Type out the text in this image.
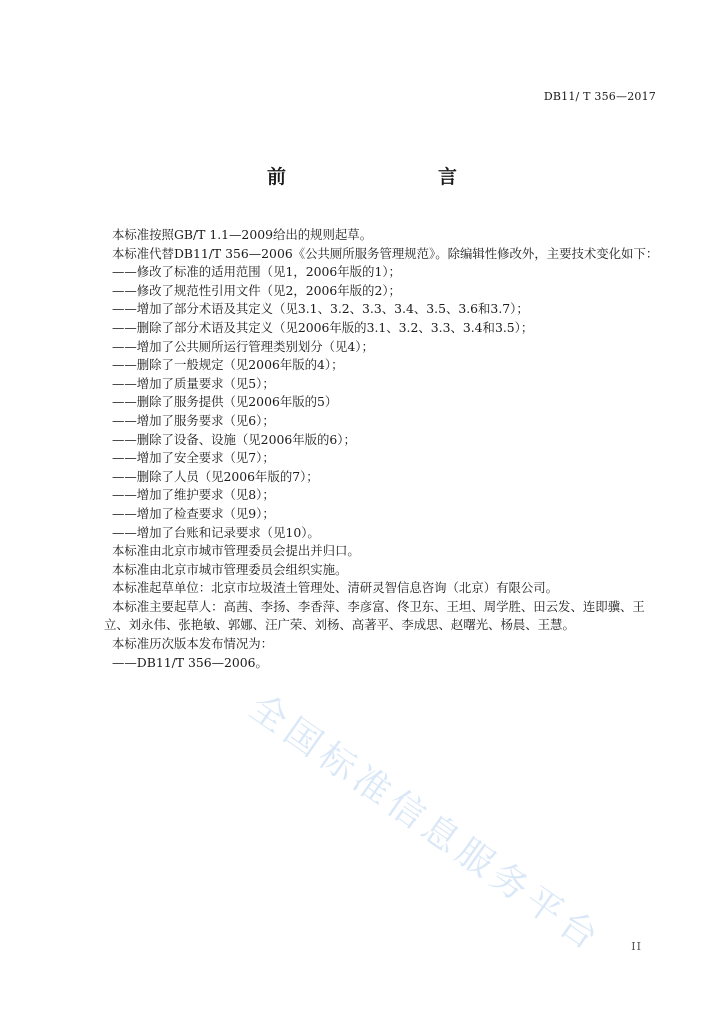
DB11/ T 356—2017
前　　言
本标准按照GB/T 1.1—2009给出的规则起草。
本标准代替DB11/T 356—2006《公共厕所服务管理规范》。除编辑性修改外，主要技术变化如下：
——修改了标准的适用范围（见1，2006年版的1）；
——修改了规范性引用文件（见2，2006年版的2）；
——增加了部分术语及其定义（见3.1、3.2、3.3、3.4、3.5、3.6和3.7）；
——删除了部分术语及其定义（见2006年版的3.1、3.2、3.3、3.4和3.5）；
——增加了公共厕所运行管理类别划分（见4）；
——删除了一般规定（见2006年版的4）；
——增加了质量要求（见5）；
——删除了服务提供（见2006年版的5）
——增加了服务要求（见6）；
——删除了设备、设施（见2006年版的6）；
——增加了安全要求（见7）；
——删除了人员（见2006年版的7）；
——增加了维护要求（见8）；
——增加了检查要求（见9）；
——增加了台账和记录要求（见10）。
本标准由北京市城市管理委员会提出并归口。
本标准由北京市城市管理委员会组织实施。
本标准起草单位：北京市垃圾渣土管理处、清研灵智信息咨询（北京）有限公司。
本标准主要起草人：高茜、李扬、李香萍、李彦富、佟卫东、王坦、周学胜、田云发、连即骥、王
立、刘永伟、张艳敏、郭娜、汪广荣、刘杨、高著平、李成思、赵曙光、杨晨、王慧。
本标准历次版本发布情况为：
——DB11/T 356—2006。
全国标准信息服务平台	II
